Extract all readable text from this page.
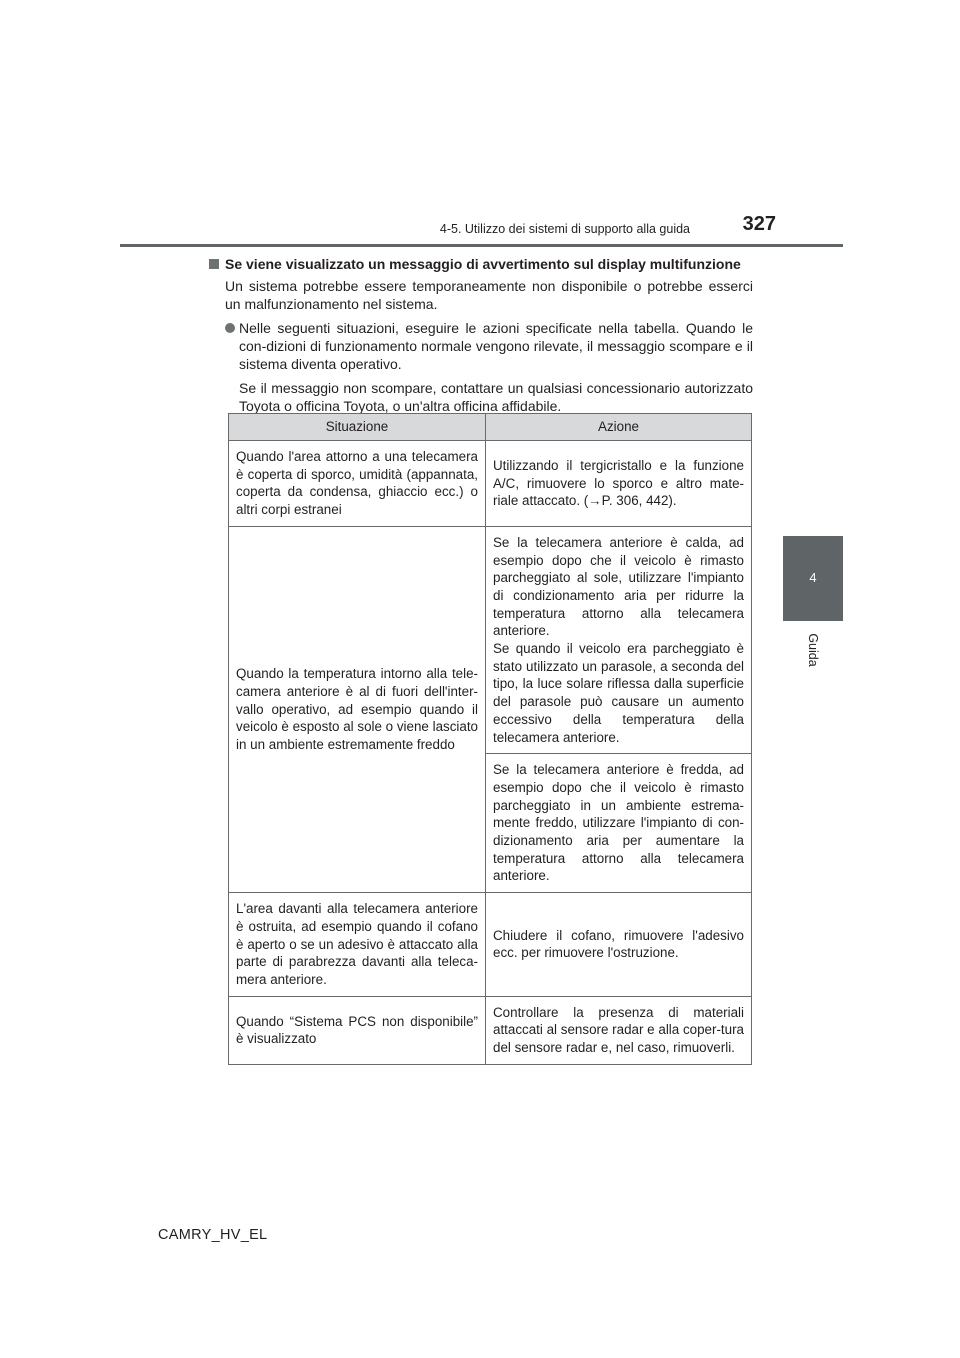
4-5. Utilizzo dei sistemi di supporto alla guida	327
4
Guida

Se viene visualizzato un messaggio di avvertimento sul display multifunzione

Un sistema potrebbe essere temporaneamente non disponibile o potrebbe esserci un malfunzionamento nel sistema.

Nelle seguenti situazioni, eseguire le azioni specificate nella tabella. Quando le con-dizioni di funzionamento normale vengono rilevate, il messaggio scompare e il sistema diventa operativo.

Se il messaggio non scompare, contattare un qualsiasi concessionario autorizzato Toyota o officina Toyota, o un'altra officina affidabile.

Situazione	Azione
Quando l'area attorno a una telecamera è coperta di sporco, umidità (appannata, coperta da condensa, ghiaccio ecc.) o altri corpi estranei	Utilizzando il tergicristallo e la funzione A/C, rimuovere lo sporco e altro mate-riale attaccato. (→P. 306, 442).
Quando la temperatura intorno alla tele-camera anteriore è al di fuori dell'inter-vallo operativo, ad esempio quando il veicolo è esposto al sole o viene lasciato in un ambiente estremamente freddo	Se la telecamera anteriore è calda, ad esempio dopo che il veicolo è rimasto parcheggiato al sole, utilizzare l'impianto di condizionamento aria per ridurre la temperatura attorno alla telecamera anteriore.
Se quando il veicolo era parcheggiato è stato utilizzato un parasole, a seconda del tipo, la luce solare riflessa dalla superficie del parasole può causare un aumento eccessivo della temperatura della telecamera anteriore.

	Se la telecamera anteriore è fredda, ad esempio dopo che il veicolo è rimasto parcheggiato in un ambiente estrema-mente freddo, utilizzare l'impianto di con-dizionamento aria per aumentare la temperatura attorno alla telecamera anteriore.
L'area davanti alla telecamera anteriore è ostruita, ad esempio quando il cofano è aperto o se un adesivo è attaccato alla parte di parabrezza davanti alla teleca-mera anteriore.	Chiudere il cofano, rimuovere l'adesivo ecc. per rimuovere l'ostruzione.
Quando “Sistema PCS non disponibile” è visualizzato	Controllare la presenza di materiali attaccati al sensore radar e alla coper-tura del sensore radar e, nel caso, rimuoverli.
CAMRY_HV_EL
